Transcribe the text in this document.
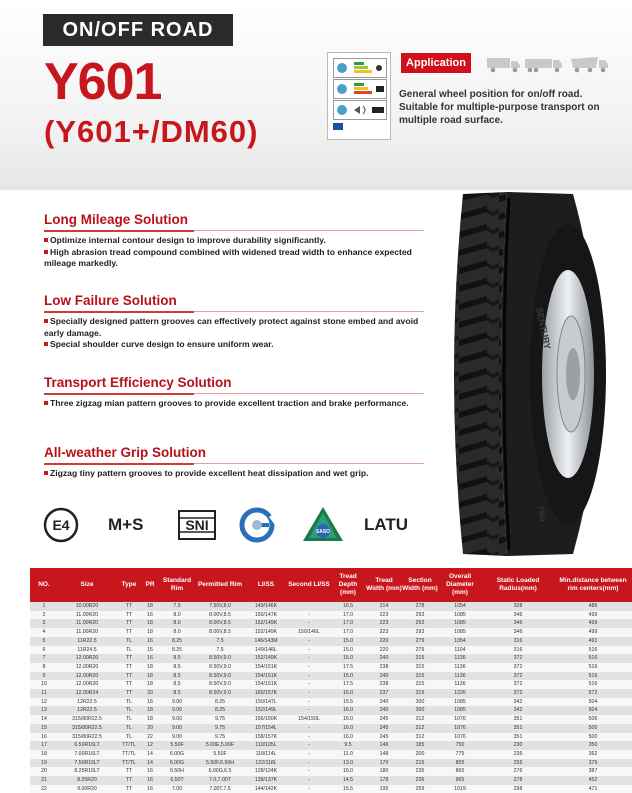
ON/OFF ROAD
Y601
(Y601+/DM60)
Application
General wheel position for on/off road. Suitable for multiple-purpose transport on multiple road surface.
Long Mileage Solution
Optimize internal contour design to improve durability significantly.
High abrasion tread compound combined with widened tread width to enhance expected mileage markedly.
Low Failure Solution
Specially designed pattern grooves can effectively protect against stone embed and avoid early damage.
Special shoulder curve design to ensure uniform wear.
Transport Efficiency Solution
Three zigzag mian pattern grooves to provide excellent traction and brake performance.
All-weather Grip Solution
Zigzag tiny pattern grooves to provide excellent heat dissipation and wet grip.
E4 M+S	SNI	SASO LATU
SENTURY
Y601
NO.	Size	Type	PR	Standard Rim	Permitted Rim	LI/SS	Second LI/SS	Tread Depth (mm)	Tread Width (mm)	Section Width (mm)	Overall Diameter (mm)	Static Loaded Radius(mm)	Min.distance between rim centers(mm)
1	10.00R20	TT	18	7.5	7.50V,8.0	149/146K		16.5	214	278	1054	328	486
2	11.00R20	TT	16	8.0	8.00V,8.5	150/147K	-	17.0	223	293	1085	346	499
3	11.00R20	TT	18	8.0	8.00V,8.5	152/149K	-	17.0	223	293	1085	346	499
4	11.00R20	TT	18	8.0	8.00V,8.5	152/149K	150/146L	17.0	223	293	1085	346	499
5	11R22.5	TL	16	8.25	7.5	146/143M	-	15.0	220	279	1054	316	491
6	11R24.5	TL	16	8.25	7.5	149/146L	-	15.0	220	279	1104	316	516
7	12.00R20	TT	16	8.5	8.50V,9.0	152/149K	-	15.0	240	315	1136	372	516
8	12.00R20	TT	18	8.5	8.50V,9.0	154/151K	-	17.5	238	315	1136	372	516
9	12.00R20	TT	18	8.5	8.50V,9.0	154/151K	-	15.0	240	315	1136	372	516
10	12.00R20	TT	18	8.5	8.50V,9.0	154/151K	-	17.5	238	315	1136	372	516
11	12.00R24	TT	20	8.5	8.50V,9.0	160/157K	-	16.0	237	315	1226	372	572
12	12R22.5	TL	16	9.00	8.25	150/147L	-	15.5	240	300	1085	342	504
13	12R22.5	TL	18	9.00	8.25	152/149L	-	16.0	240	300	1085	342	504
14	315/80R22.5	TL	18	9.00	9.75	156/150K	154/150L	16.0	245	312	1076	351	506
15	315/80R22.5	TL	20	9.00	9.75	157/154L	-	16.0	245	312	1076	351	500
16	315/80R22.5	TL	22	9.00	9.75	158/157K	-	16.0	245	312	1076	351	500
17	6.50R16LT	TT/TL	12	5.50F	5.00E,5.00F	110/105L	-	9.5	146	185	750	230	350
18	7.00R16LT	TT/TL	14	6.00G	5.50F	118/114L	-	11.0	148	200	775	236	362
19	7.50R16LT	TT/TL	14	6.00G	5.50F,6.50H	122/118L	-	13.0	170	215	805	255	375
20	8.25R16LT	TT	16	6.50H	6.00G,6.5	128/124K	-	16.0	180	235	865	276	387
21	8.25R20	TT	16	6.50T	7.0,7.00T	139/137K	-	14.5	178	236	965	278	452
22	9.00R20	TT	16	7.00	7.00T,7.5	144/142K	-	15.5	195	259	1019	298	471
